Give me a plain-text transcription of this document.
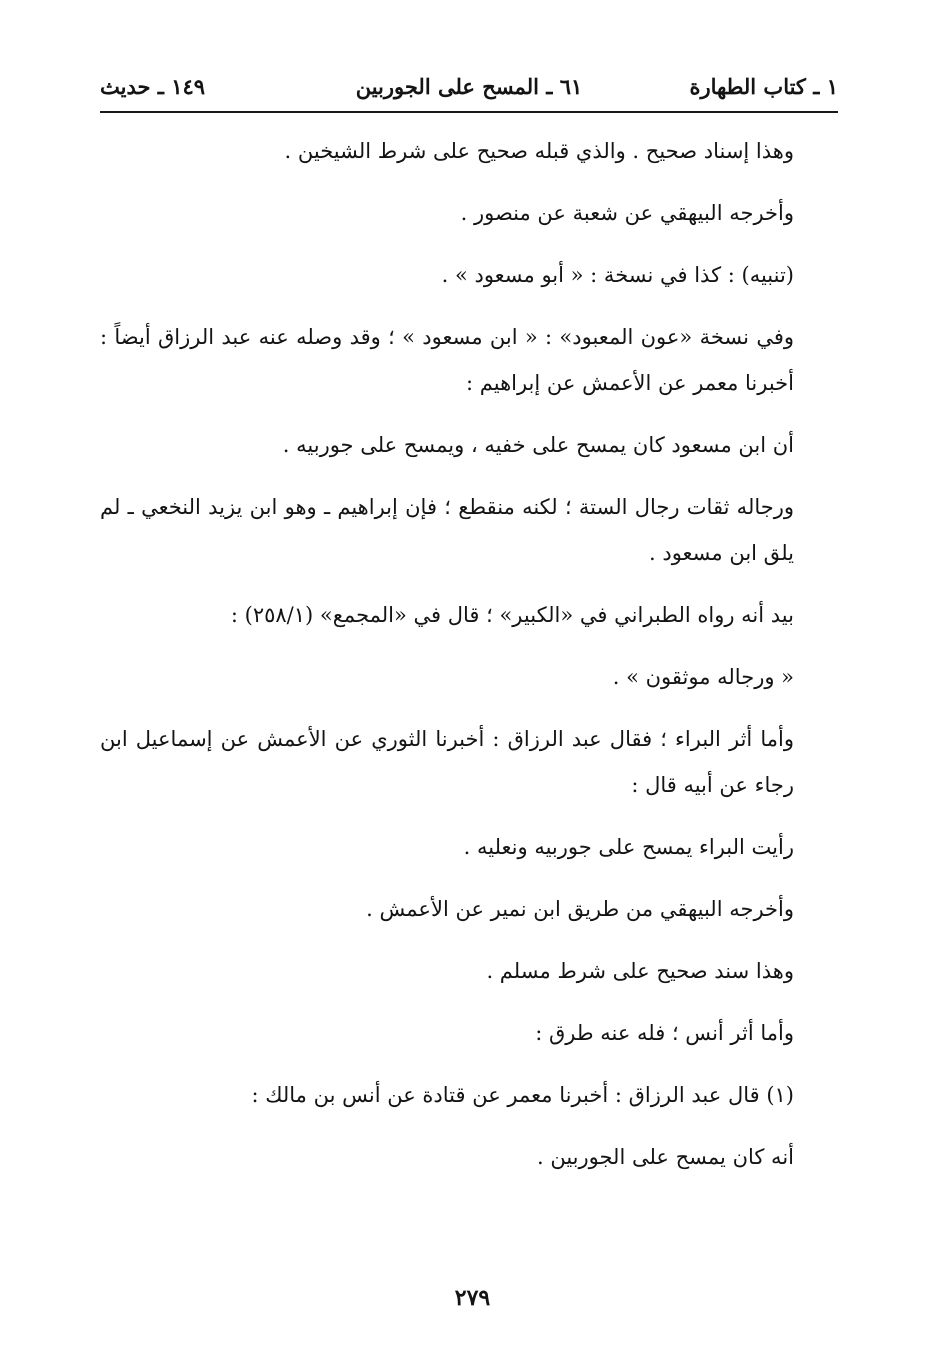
١ ـ كتاب الطهارة
٦١ ـ المسح على الجوربين
١٤٩ ـ حديث

وهذا إسناد صحيح . والذي قبله صحيح على شرط الشيخين .

وأخرجه البيهقي عن شعبة عن منصور .

(تنبيه) : كذا في نسخة : « أبو مسعود » .

وفي نسخة «عون المعبود» : « ابن مسعود » ؛ وقد وصله عنه عبد الرزاق أيضاً : أخبرنا معمر عن الأعمش عن إبراهيم :

أن ابن مسعود كان يمسح على خفيه ، ويمسح على جوربيه .

ورجاله ثقات رجال الستة ؛ لكنه منقطع ؛ فإن إبراهيم ـ وهو ابن يزيد النخعي ـ لم يلق ابن مسعود .

بيد أنه رواه الطبراني في «الكبير» ؛ قال في «المجمع» (٢٥٨/١) :

« ورجاله موثقون » .

وأما أثر البراء ؛ فقال عبد الرزاق : أخبرنا الثوري عن الأعمش عن إسماعيل ابن رجاء عن أبيه قال :

رأيت البراء يمسح على جوربيه ونعليه .

وأخرجه البيهقي من طريق ابن نمير عن الأعمش .

وهذا سند صحيح على شرط مسلم .

وأما أثر أنس ؛ فله عنه طرق :

(١) قال عبد الرزاق : أخبرنا معمر عن قتادة عن أنس بن مالك :

أنه كان يمسح على الجوربين .

٢٧٩
